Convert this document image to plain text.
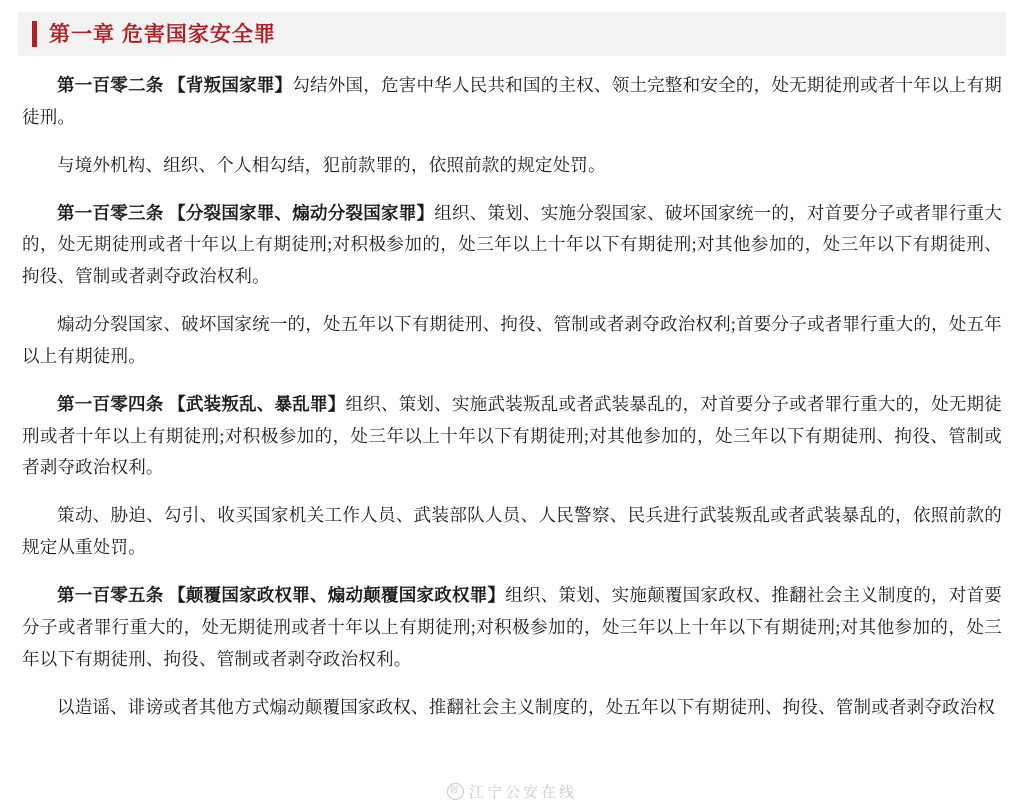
第一章 危害国家安全罪

第一百零二条 【背叛国家罪】勾结外国，危害中华人民共和国的主权、领土完整和安全的，处无期徒刑或者十年以上有期徒刑。

与境外机构、组织、个人相勾结，犯前款罪的，依照前款的规定处罚。

第一百零三条 【分裂国家罪、煽动分裂国家罪】组织、策划、实施分裂国家、破坏国家统一的，对首要分子或者罪行重大的，处无期徒刑或者十年以上有期徒刑;对积极参加的，处三年以上十年以下有期徒刑;对其他参加的，处三年以下有期徒刑、拘役、管制或者剥夺政治权利。

煽动分裂国家、破坏国家统一的，处五年以下有期徒刑、拘役、管制或者剥夺政治权利;首要分子或者罪行重大的，处五年以上有期徒刑。

第一百零四条 【武装叛乱、暴乱罪】组织、策划、实施武装叛乱或者武装暴乱的，对首要分子或者罪行重大的，处无期徒刑或者十年以上有期徒刑;对积极参加的，处三年以上十年以下有期徒刑;对其他参加的，处三年以下有期徒刑、拘役、管制或者剥夺政治权利。

策动、胁迫、勾引、收买国家机关工作人员、武装部队人员、人民警察、民兵进行武装叛乱或者武装暴乱的，依照前款的规定从重处罚。

第一百零五条 【颠覆国家政权罪、煽动颠覆国家政权罪】组织、策划、实施颠覆国家政权、推翻社会主义制度的，对首要分子或者罪行重大的，处无期徒刑或者十年以上有期徒刑;对积极参加的，处三年以上十年以下有期徒刑;对其他参加的，处三年以下有期徒刑、拘役、管制或者剥夺政治权利。

以造谣、诽谤或者其他方式煽动颠覆国家政权、推翻社会主义制度的，处五年以下有期徒刑、拘役、管制或者剥夺政治权

微 江宁公安在线
